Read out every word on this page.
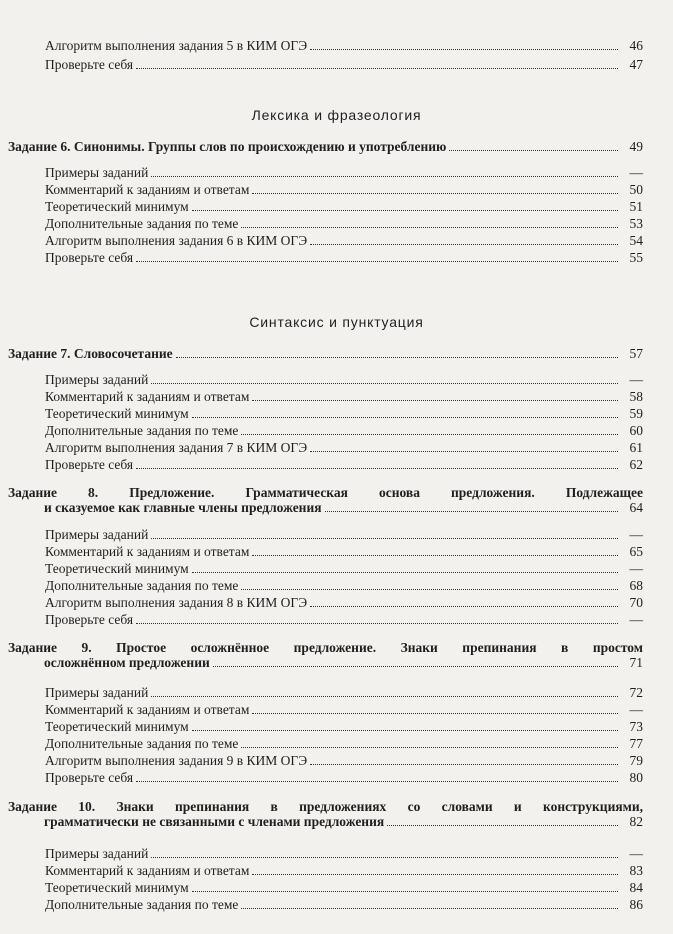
Алгоритм выполнения задания 5 в КИМ ОГЭ	46
Проверьте себя	47
Лексика и фразеология
Задание 6. Синонимы. Группы слов по происхождению и употреблению	49
Примеры заданий	—
Комментарий к заданиям и ответам	50
Теоретический минимум	51
Дополнительные задания по теме	53
Алгоритм выполнения задания 6 в КИМ ОГЭ	54
Проверьте себя	55
Синтаксис и пунктуация
Задание 7. Словосочетание	57
Примеры заданий	—
Комментарий к заданиям и ответам	58
Теоретический минимум	59
Дополнительные задания по теме	60
Алгоритм выполнения задания 7 в КИМ ОГЭ	61
Проверьте себя	62
Задание 8. Предложение. Грамматическая основа предложения. Подлежащее
и сказуемое как главные члены предложения	64
Примеры заданий	—
Комментарий к заданиям и ответам	65
Теоретический минимум	—
Дополнительные задания по теме	68
Алгоритм выполнения задания 8 в КИМ ОГЭ	70
Проверьте себя	—
Задание 9. Простое осложнённое предложение. Знаки препинания в простом
осложнённом предложении	71
Примеры заданий	72
Комментарий к заданиям и ответам	—
Теоретический минимум	73
Дополнительные задания по теме	77
Алгоритм выполнения задания 9 в КИМ ОГЭ	79
Проверьте себя	80
Задание 10. Знаки препинания в предложениях со словами и конструкциями,
грамматически не связанными с членами предложения	82
Примеры заданий	—
Комментарий к заданиям и ответам	83
Теоретический минимум	84
Дополнительные задания по теме	86
